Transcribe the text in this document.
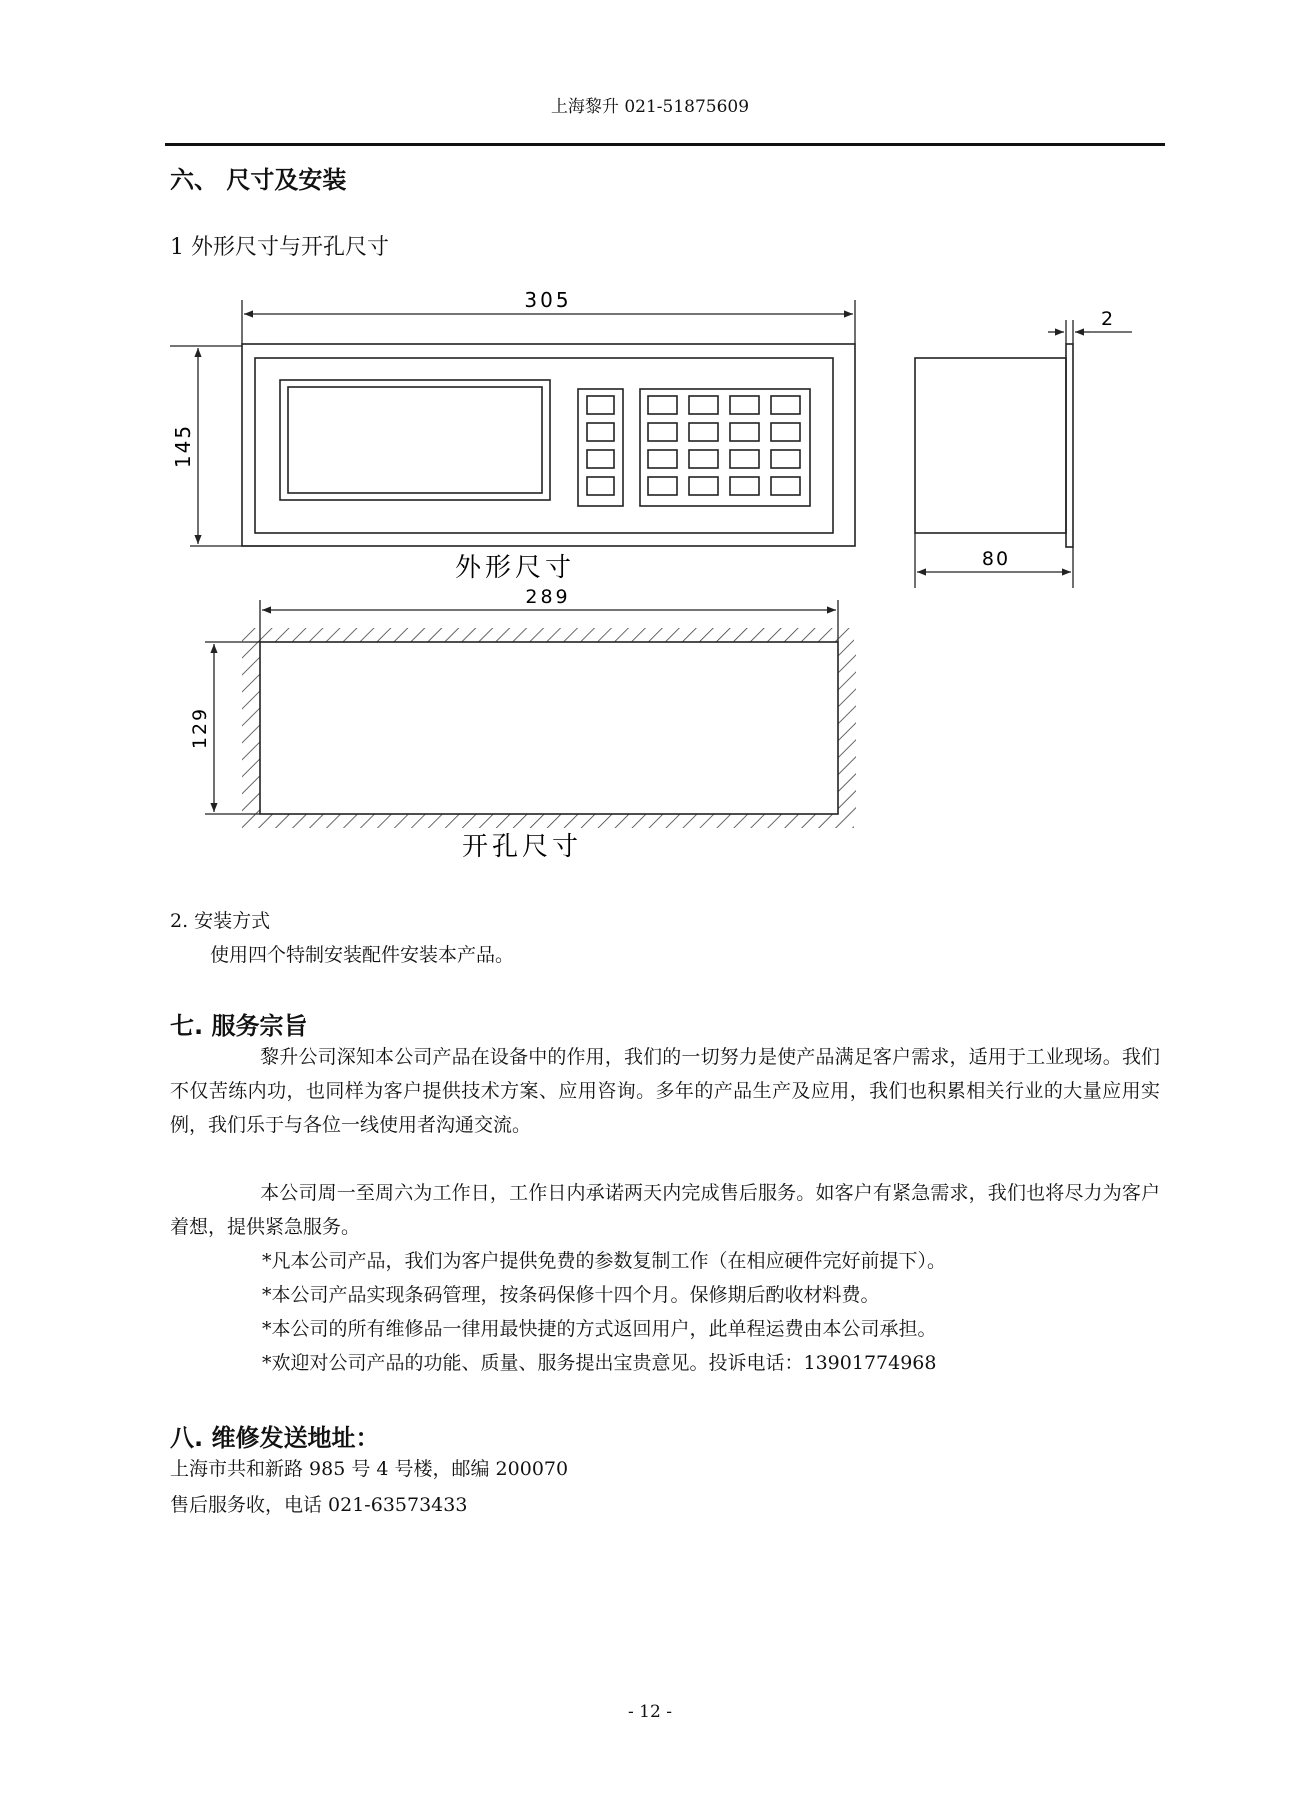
上海黎升 021-51875609
六、 尺寸及安装
1 外形尺寸与开孔尺寸
305
145
外形尺寸	80
2
289
129
开孔尺寸
2. 安装方式
使用四个特制安装配件安装本产品。
七. 服务宗旨
黎升公司深知本公司产品在设备中的作用，我们的一切努力是使产品满足客户需求，适用于工业现场。我们不仅苦练内功，也同样为客户提供技术方案、应用咨询。多年的产品生产及应用，我们也积累相关行业的大量应用实例，我们乐于与各位一线使用者沟通交流。
本公司周一至周六为工作日，工作日内承诺两天内完成售后服务。如客户有紧急需求，我们也将尽力为客户着想，提供紧急服务。
*凡本公司产品，我们为客户提供免费的参数复制工作（在相应硬件完好前提下）。
*本公司产品实现条码管理，按条码保修十四个月。保修期后酌收材料费。
*本公司的所有维修品一律用最快捷的方式返回用户，此单程运费由本公司承担。
*欢迎对公司产品的功能、质量、服务提出宝贵意见。投诉电话：13901774968
八. 维修发送地址：
上海市共和新路 985 号 4 号楼，邮编 200070
售后服务收，电话 021-63573433
- 12 -
